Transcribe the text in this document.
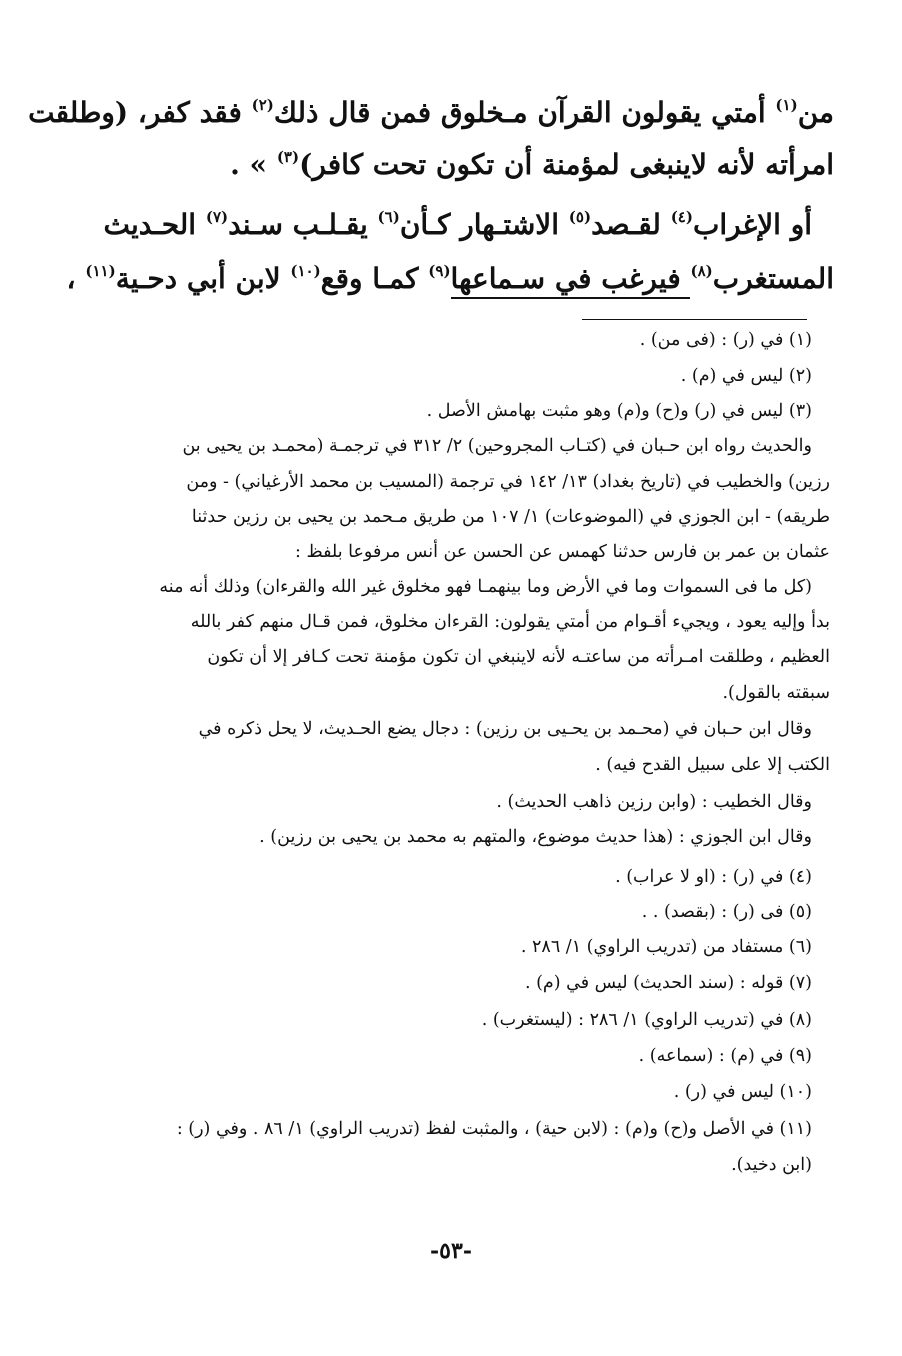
من$^{(١)}$ أمتي يقولون القرآن مـخلوق فمن قال ذلك$^{(٢)}$ فقد كفر، (وطلقت
امرأته لأنه لاينبغى لمؤمنة أن تكون تحت كافر)$^{(٣)}$ » .
أو الإغراب$^{(٤)}$ لقـصد$^{(٥)}$ الاشتـهار كـأن$^{(٦)}$ يقـلـب سـند$^{(٧)}$ الحـديث
المستغرب$^{(٨)}$ فيرغب في سـماعها$^{(٩)}$ كمـا وقع$^{(١٠)}$ لابن أبي دحـية$^{(١١)}$ ،
(١) في (ر) : (فى من) .
(٢) ليس في (م) .
(٣) ليس في (ر) و(ح) و(م) وهو مثبت بهامش الأصل .
والحديث رواه ابن حـبان في (كتـاب المجروحين) ٢/ ٣١٢ في ترجمـة (محمـد بن يحيى بن
رزين) والخطيب في (تاريخ بغداد) ١٣/ ١٤٢ في ترجمة (المسيب بن محمد الأرغياني) - ومن
طريقه) - ابن الجوزي في (الموضوعات) ١/ ١٠٧ من طريق مـحمد بن يحيى بن رزين حدثنا
عثمان بن عمر بن فارس حدثنا كهمس عن الحسن عن أنس مرفوعا بلفظ :
(كل ما فى السموات وما في الأرض وما بينهمـا فهو مخلوق غير الله والقرءان) وذلك أنه منه
بدأ وإليه يعود ، ويجيء أقـوام من أمتي يقولون: القرءان مخلوق، فمن قـال منهم كفر بالله
العظيم ، وطلقت امـرأته من ساعتـه لأنه لاينبغي ان تكون مؤمنة تحت كـافر إلا أن تكون
سبقته بالقول).
وقال ابن حـبان في (محـمد بن يحـيى بن رزين) : دجال يضع الحـديث، لا يحل ذكره في
الكتب إلا على سبيل القدح فيه) .
وقال الخطيب : (وابن رزين ذاهب الحديث) .
وقال ابن الجوزي : (هذا حديث موضوع، والمتهم به محمد بن يحيى بن رزين) .
(٤) في (ر) : (او لا عراب) .
(٥) فى (ر) : (بقصد) . .
(٦) مستفاد من (تدريب الراوي) ١/ ٢٨٦ .
(٧) قوله : (سند الحديث) ليس في (م) .
(٨) في (تدريب الراوي) ١/ ٢٨٦ : (ليستغرب) .
(٩) في (م) : (سماعه) .
(١٠) ليس في (ر) .
(١١) في الأصل و(ح) و(م) : (لابن حية) ، والمثبت لفظ (تدريب الراوي) ١/ ٨٦ . وفي (ر) :
(ابن دخيد).
-٥٣-
